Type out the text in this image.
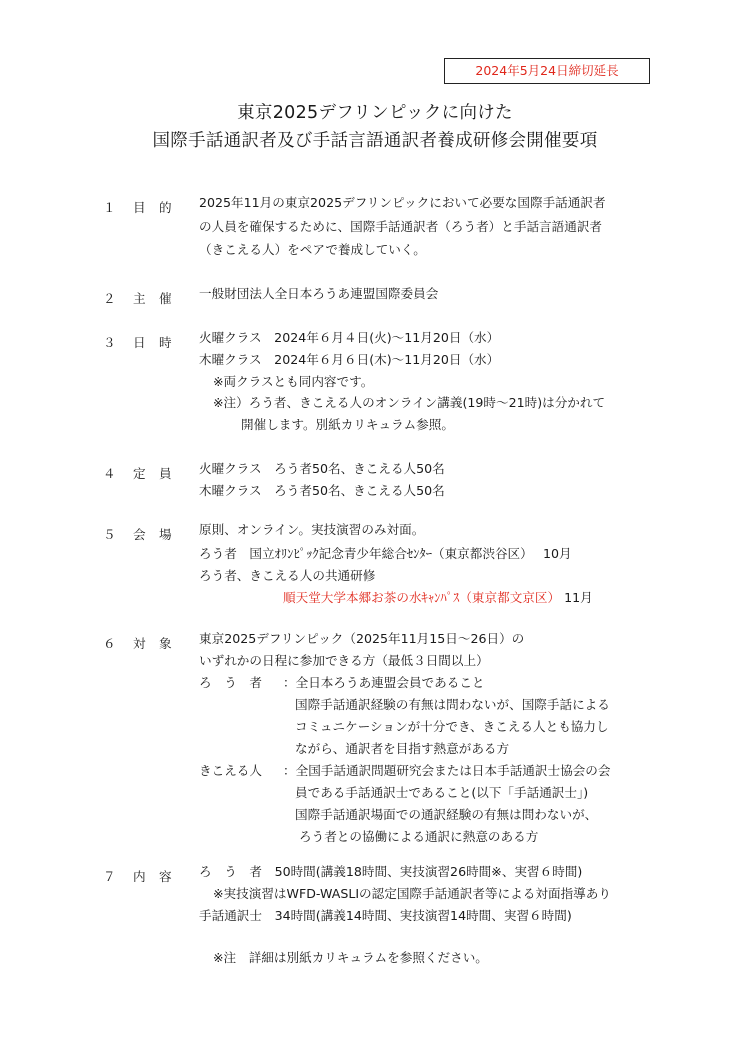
2024年5月24日締切延長
東京2025デフリンピックに向けた
国際手話通訳者及び手話言語通訳者養成研修会開催要項
１ 目 的 2025年11月の東京2025デフリンピックにおいて必要な国際手話通訳者
の人員を確保するために、国際手話通訳者（ろう者）と手話言語通訳者
（きこえる人）をペアで養成していく。
２ 主 催 一般財団法人全日本ろうあ連盟国際委員会
３ 日 時 火曜クラス　2024年６月４日(火)～11月20日（水）
木曜クラス　2024年６月６日(木)～11月20日（水）
※両クラスとも同内容です。
※注）ろう者、きこえる人のオンライン講義(19時～21時)は分かれて
開催します。別紙カリキュラム参照。
４ 定 員 火曜クラス　ろう者50名、きこえる人50名
木曜クラス　ろう者50名、きこえる人50名
５ 会 場 原則、オンライン。実技演習のみ対面。
ろう者　国立ｵﾘﾝﾋﾟｯｸ記念青少年総合ｾﾝﾀｰ（東京都渋谷区）　 10月
ろう者、きこえる人の共通研修
順天堂大学本郷お茶の水ｷｬﾝﾊﾟｽ（東京都文京区） 11月
６ 対 象 東京2025デフリンピック（2025年11月15日～26日）の
いずれかの日程に参加できる方（最低３日間以上）
ろ　う　者 ：全日本ろうあ連盟会員であること
国際手話通訳経験の有無は問わないが、国際手話による
コミュニケーションが十分でき、きこえる人とも協力し
ながら、通訳者を目指す熱意がある方
きこえる人 ：全国手話通訳問題研究会または日本手話通訳士協会の会
員である手話通訳士であること(以下「手話通訳士」)
国際手話通訳場面での通訳経験の有無は問わないが、
ろう者との協働による通訳に熱意のある方
７ 内 容 ろ　う　者　50時間(講義18時間、実技演習26時間※、実習６時間)
※実技演習はWFD-WASLIの認定国際手話通訳者等による対面指導あり
手話通訳士　34時間(講義14時間、実技演習14時間、実習６時間)
※注　詳細は別紙カリキュラムを参照ください。
